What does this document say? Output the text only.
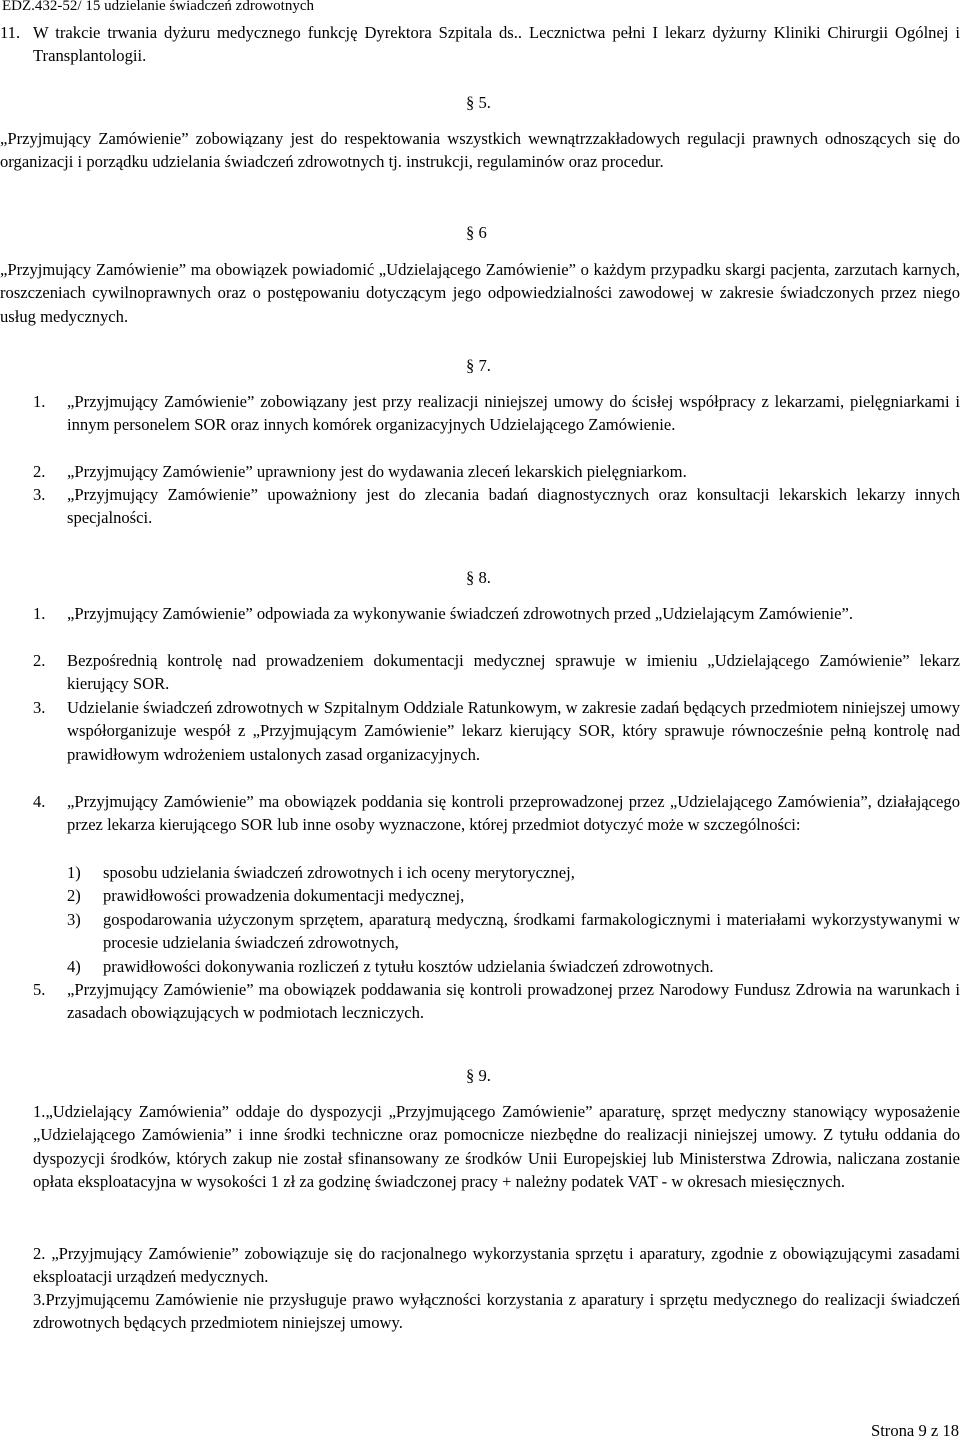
EDZ.432-52/ 15 udzielanie świadczeń zdrowotnych
11. W trakcie trwania dyżuru medycznego funkcję Dyrektora Szpitala ds.. Lecznictwa pełni I lekarz dyżurny Kliniki Chirurgii Ogólnej i Transplantologii.
§ 5.
„Przyjmujący Zamówienie” zobowiązany jest do respektowania wszystkich wewnątrzzakładowych regulacji prawnych odnoszących się do organizacji i porządku udzielania świadczeń zdrowotnych tj. instrukcji, regulaminów oraz procedur.
§ 6
„Przyjmujący Zamówienie” ma obowiązek powiadomić „Udzielającego Zamówienie” o każdym przypadku skargi pacjenta, zarzutach karnych, roszczeniach cywilnoprawnych oraz o postępowaniu dotyczącym jego odpowiedzialności zawodowej w zakresie świadczonych przez niego usług medycznych.
§ 7.
1.	„Przyjmujący Zamówienie” zobowiązany jest przy realizacji niniejszej umowy do ścisłej współpracy z lekarzami, pielęgniarkami i innym personelem SOR oraz innych komórek organizacyjnych Udzielającego Zamówienie.
2.	„Przyjmujący Zamówienie” uprawniony jest do wydawania zleceń lekarskich pielęgniarkom.
3.	„Przyjmujący Zamówienie” upoważniony jest do zlecania badań diagnostycznych oraz konsultacji lekarskich lekarzy innych specjalności.
§ 8.
1.	„Przyjmujący Zamówienie” odpowiada za wykonywanie świadczeń zdrowotnych przed „Udzielającym Zamówienie”.
2.	Bezpośrednią kontrolę nad prowadzeniem dokumentacji medycznej sprawuje w imieniu „Udzielającego Zamówienie” lekarz kierujący SOR.
3.	Udzielanie świadczeń zdrowotnych w Szpitalnym Oddziale Ratunkowym, w zakresie zadań będących przedmiotem niniejszej umowy współorganizuje wespół z „Przyjmującym Zamówienie” lekarz kierujący SOR, który sprawuje równocześnie pełną kontrolę nad prawidłowym wdrożeniem ustalonych zasad organizacyjnych.
4.	„Przyjmujący Zamówienie” ma obowiązek poddania się kontroli przeprowadzonej przez „Udzielającego Zamówienia”, działającego przez lekarza kierującego SOR lub inne osoby wyznaczone, której przedmiot dotyczyć może w szczególności:
1)	sposobu udzielania świadczeń zdrowotnych i ich oceny merytorycznej,
2)	prawidłowości prowadzenia dokumentacji medycznej,
3)	gospodarowania użyczonym sprzętem, aparaturą medyczną, środkami farmakologicznymi i materiałami wykorzystywanymi w procesie udzielania świadczeń zdrowotnych,
4)	prawidłowości dokonywania rozliczeń z tytułu kosztów udzielania świadczeń zdrowotnych.
5.	„Przyjmujący Zamówienie” ma obowiązek poddawania się kontroli prowadzonej przez Narodowy Fundusz Zdrowia na warunkach i zasadach obowiązujących w podmiotach leczniczych.
§ 9.
1.„Udzielający Zamówienia” oddaje do dyspozycji „Przyjmującego Zamówienie” aparaturę, sprzęt medyczny stanowiący wyposażenie „Udzielającego Zamówienia” i inne środki techniczne oraz pomocnicze niezbędne do realizacji niniejszej umowy. Z tytułu oddania do dyspozycji środków, których zakup nie został sfinansowany ze środków Unii Europejskiej lub Ministerstwa Zdrowia, naliczana zostanie opłata eksploatacyjna w wysokości 1 zł za godzinę świadczonej pracy + należny podatek VAT - w okresach miesięcznych.
2. „Przyjmujący Zamówienie” zobowiązuje się do racjonalnego wykorzystania sprzętu i aparatury, zgodnie z obowiązującymi zasadami eksploatacji urządzeń medycznych.
3.Przyjmującemu Zamówienie nie przysługuje prawo wyłączności korzystania z aparatury i sprzętu medycznego do realizacji świadczeń zdrowotnych będących przedmiotem niniejszej umowy.
Strona 9 z 18
